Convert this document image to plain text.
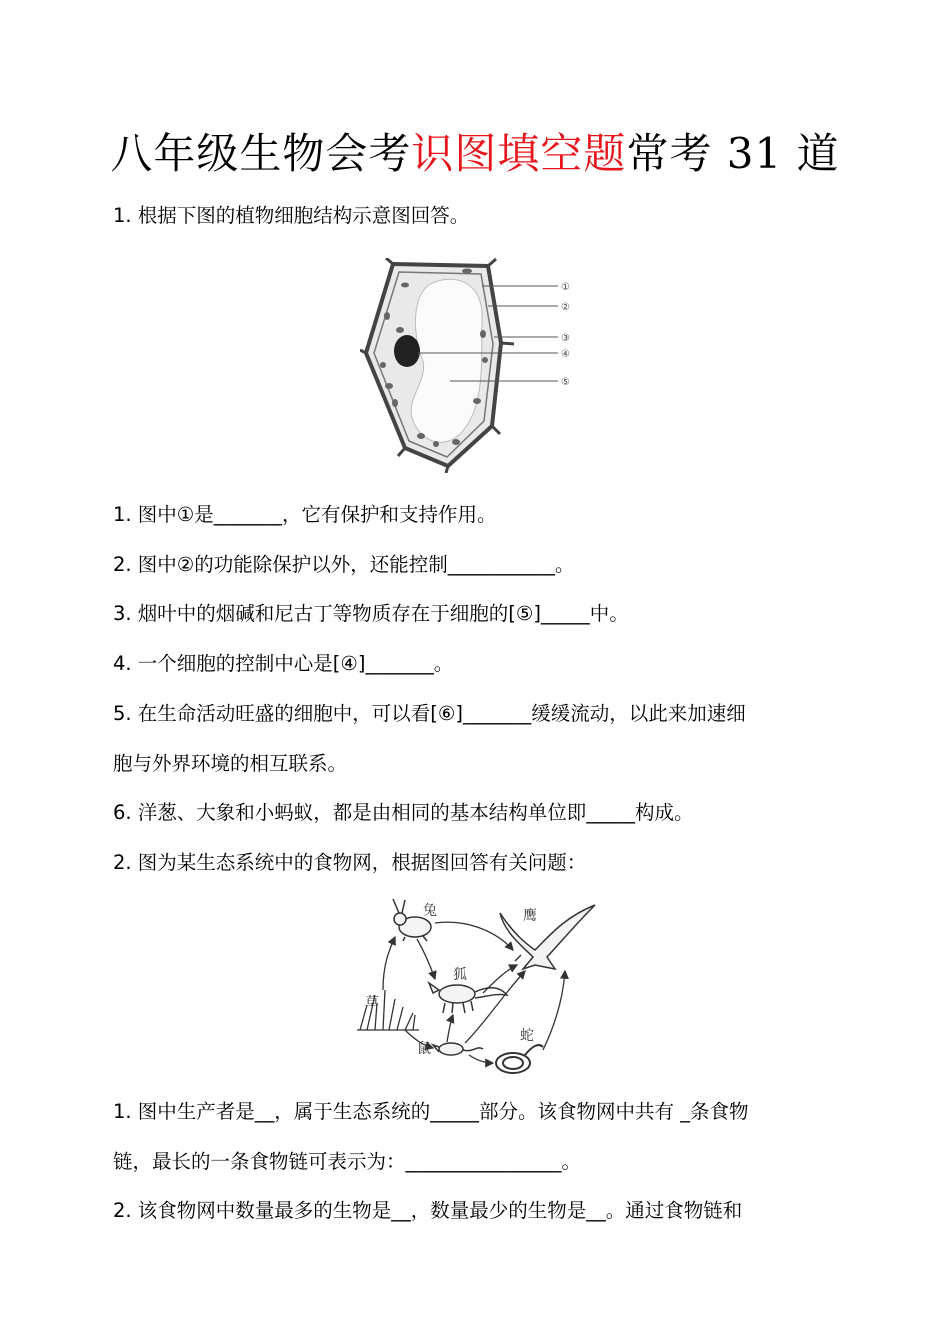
八年级生物会考识图填空题常考 31 道
1. 根据下图的植物细胞结构示意图回答。
①
②
③
④
⑤
1. 图中①是_______，它有保护和支持作用。
2. 图中②的功能除保护以外，还能控制___________。
3. 烟叶中的烟碱和尼古丁等物质存在于细胞的[⑤]_____中。
4. 一个细胞的控制中心是[④]_______。
5. 在生命活动旺盛的细胞中，可以看[⑥]_______缓缓流动，以此来加速细
胞与外界环境的相互联系。
6. 洋葱、大象和小蚂蚁，都是由相同的基本结构单位即_____构成。
2. 图为某生态系统中的食物网，根据图回答有关问题：
兔	鹰
狐
草
鼠
蛇
1. 图中生产者是__，属于生态系统的_____部分。该食物网中共有 _条食物
链，最长的一条食物链可表示为：________________。
2. 该食物网中数量最多的生物是__，数量最少的生物是__。通过食物链和
